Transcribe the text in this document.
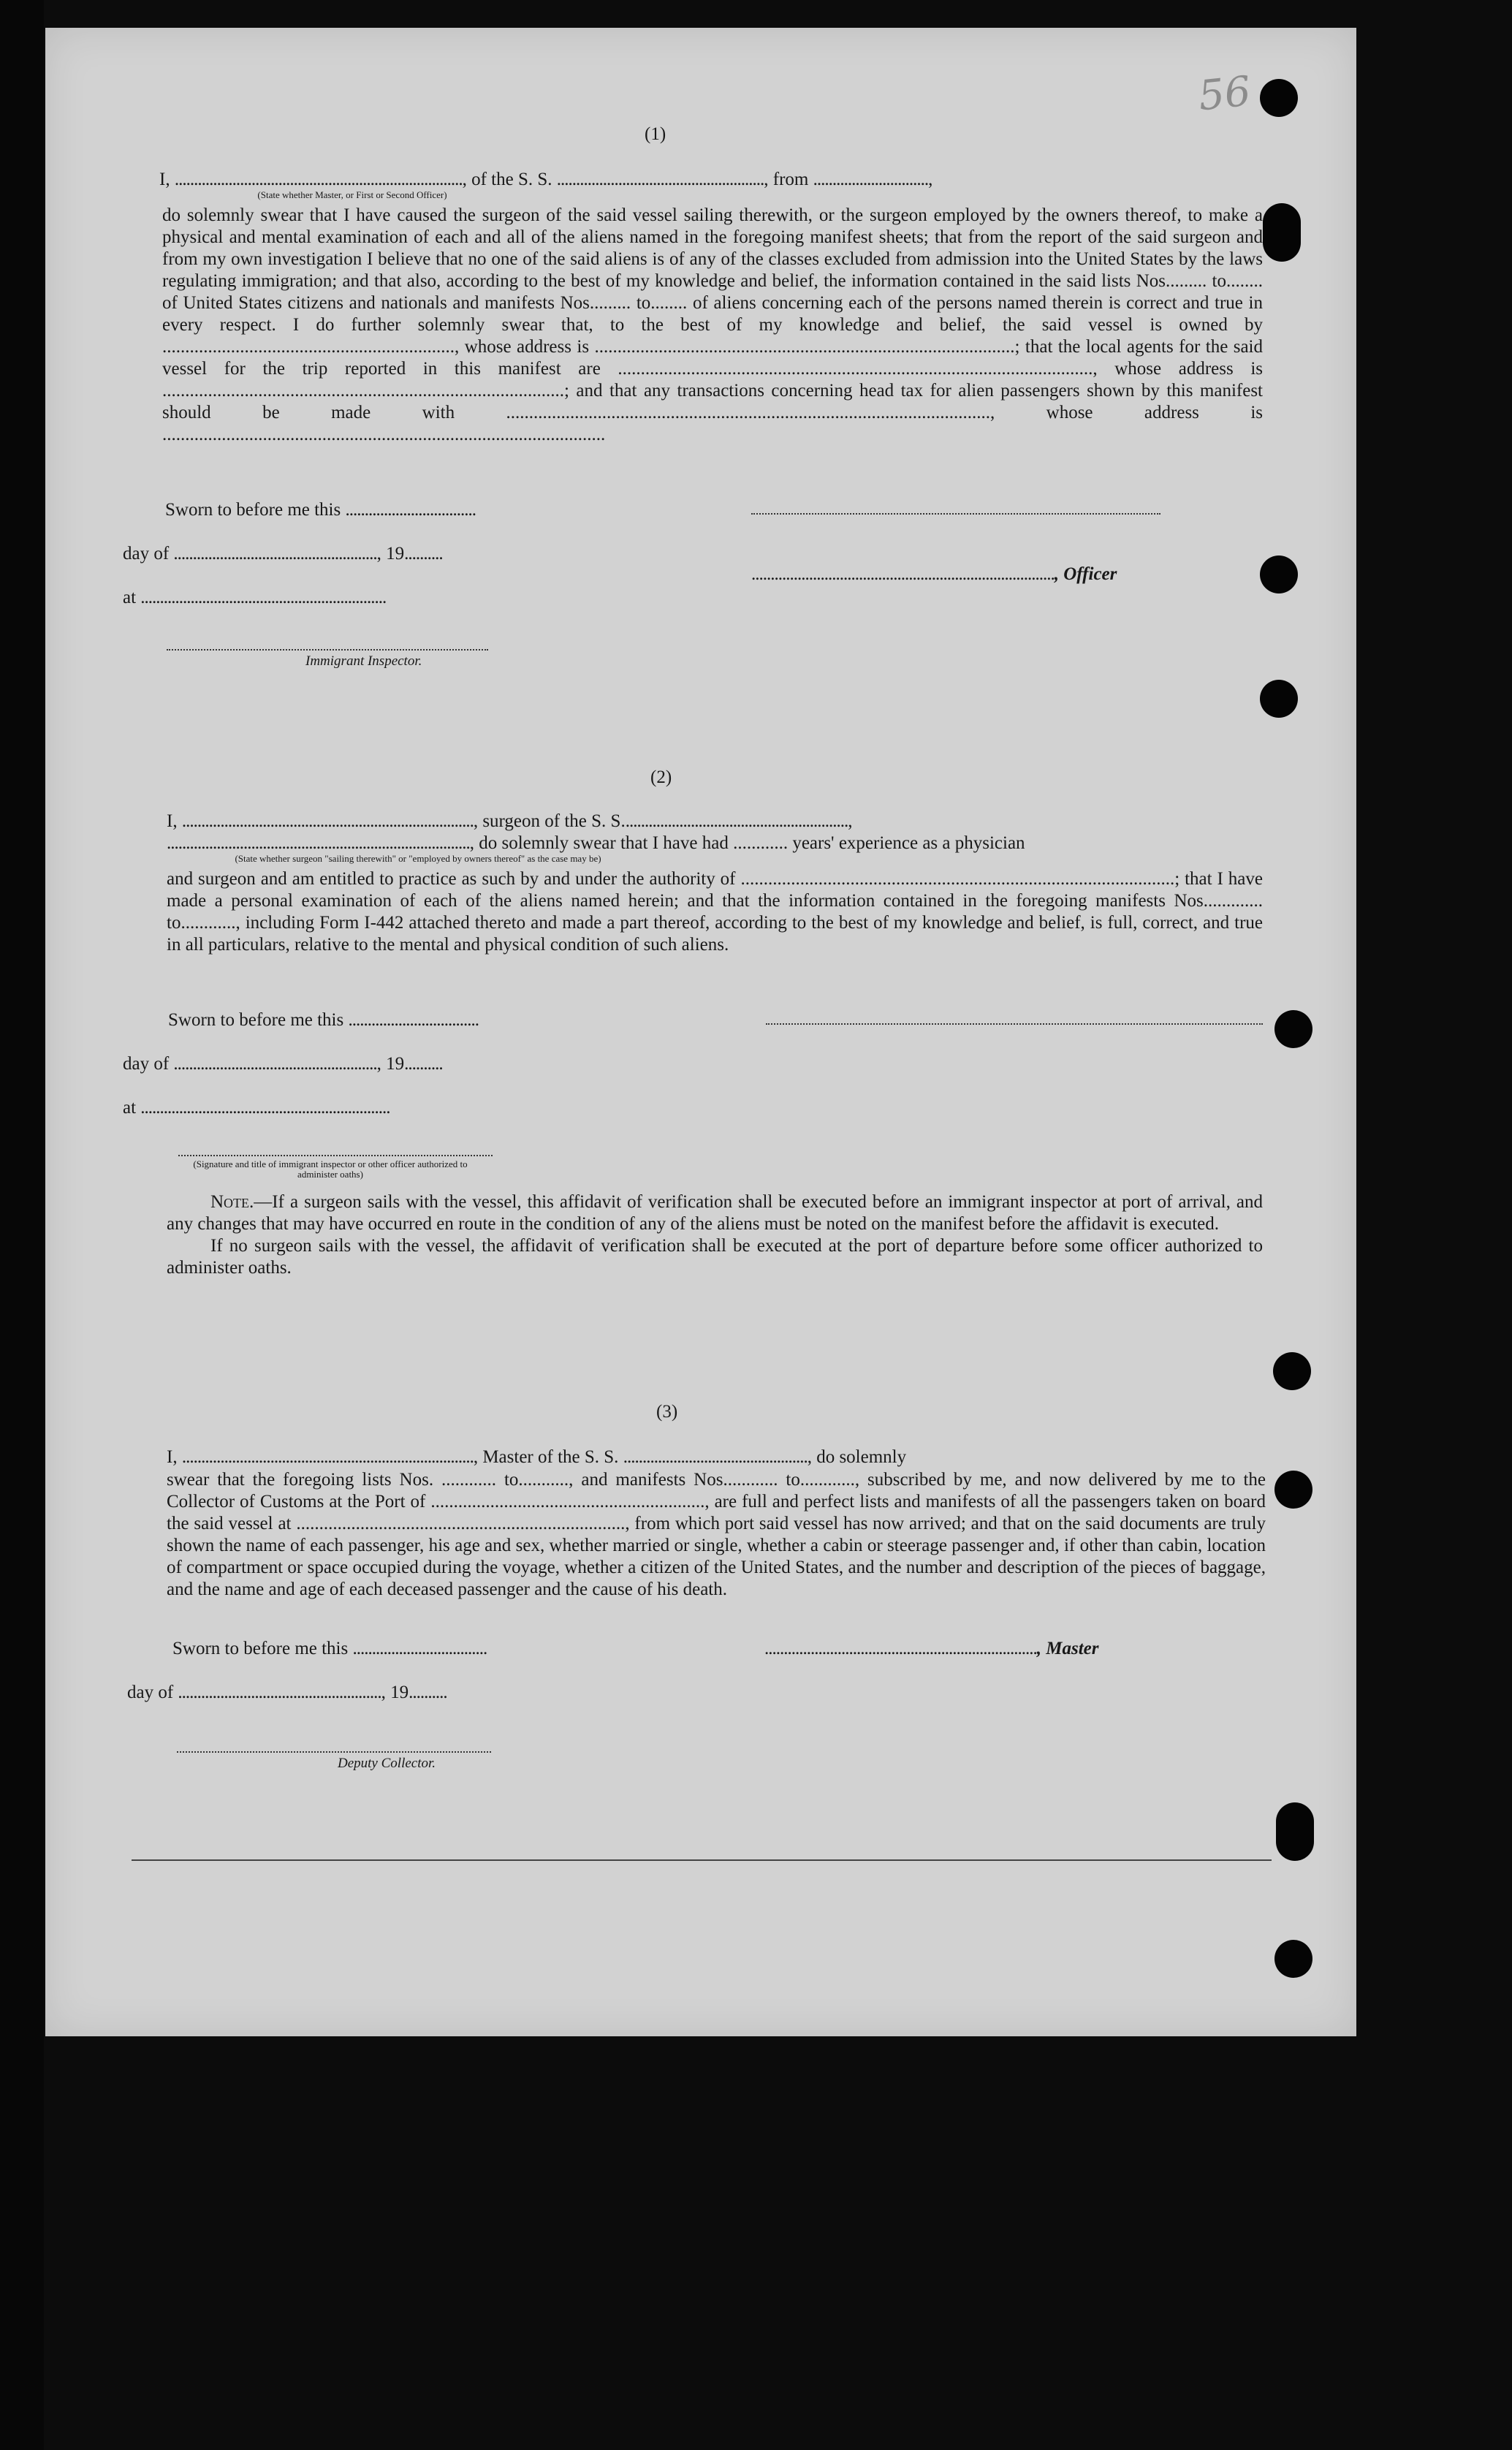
56
(1)
I, ..........................................................................., of the S. S. ......................................................, from ..............................,
(State whether Master, or First or Second Officer)

do solemnly swear that I have caused the surgeon of the said vessel sailing therewith, or the surgeon employed by the owners thereof, to make a physical and mental examination of each and all of the aliens named in the foregoing manifest sheets; that from the report of the said surgeon and from my own investigation I believe that no one of the said aliens is of any of the classes excluded from admission into the United States by the laws regulating immigration; and that also, according to the best of my knowledge and belief, the information contained in the said lists Nos......... to........ of United States citizens and nationals and manifests Nos......... to........ of aliens concerning each of the persons named therein is correct and true in every respect. I do further solemnly swear that, to the best of my knowledge and belief, the said vessel is owned by ................................................................, whose address is ............................................................................................; that the local agents for the said vessel for the trip reported in this manifest are ........................................................................................................, whose address is ........................................................................................; and that any transactions concerning head tax for alien passengers shown by this manifest should be made with .........................................................................................................., whose address is .................................................................................................

Sworn to before me this ..................................
day of ....................................................., 19..........
..............................................................................., Officer
at ................................................................
Immigrant Inspector.
(2)
I, ............................................................................, surgeon of the S. S...........................................................,
..............................................................................., do solemnly swear that I have had ............ years' experience as a physician
(State whether surgeon "sailing therewith" or "employed by owners thereof" as the case may be)

and surgeon and am entitled to practice as such by and under the authority of ...............................................................................................; that I have made a personal examination of each of the aliens named herein; and that the information contained in the foregoing manifests Nos............. to............, including Form I-442 attached thereto and made a part thereof, according to the best of my knowledge and belief, is full, correct, and true in all particulars, relative to the mental and physical condition of such aliens.

Sworn to before me this ..................................
day of ....................................................., 19..........
at .................................................................
(Signature and title of immigrant inspector or other officer authorized to administer oaths)

Note.—If a surgeon sails with the vessel, this affidavit of verification shall be executed before an immigrant inspector at port of arrival, and any changes that may have occurred en route in the condition of any of the aliens must be noted on the manifest before the affidavit is executed.

If no surgeon sails with the vessel, the affidavit of verification shall be executed at the port of departure before some officer authorized to administer oaths.

(3)
I, ............................................................................, Master of the S. S. ................................................, do solemnly

swear that the foregoing lists Nos. ............ to..........., and manifests Nos............ to............, subscribed by me, and now delivered by me to the Collector of Customs at the Port of ............................................................, are full and perfect lists and manifests of all the passengers taken on board the said vessel at ........................................................................, from which port said vessel has now arrived; and that on the said documents are truly shown the name of each passenger, his age and sex, whether married or single, whether a cabin or steerage passenger and, if other than cabin, location of compartment or space occupied during the voyage, whether a citizen of the United States, and the number and description of the pieces of baggage, and the name and age of each deceased passenger and the cause of his death.

Sworn to before me this ...................................	......................................................................., Master
day of ....................................................., 19..........
Deputy Collector.
